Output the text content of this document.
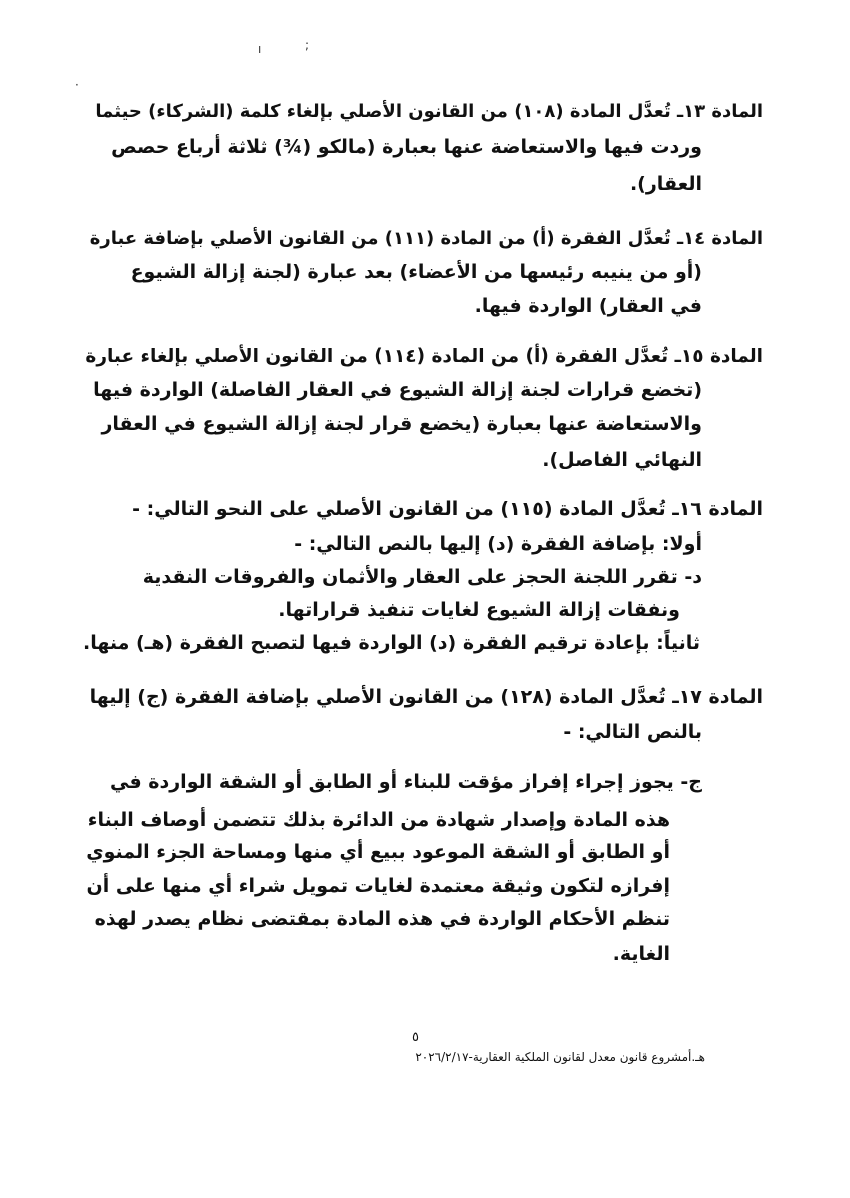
ı	;
·
المادة ١٣ـ تُعدَّل المادة (١٠٨) من القانون الأصلي بإلغاء كلمة (الشركاء) حيثما
وردت فيها والاستعاضة عنها بعبارة (مالكو (¾) ثلاثة أرباع حصص
العقار).
المادة ١٤ـ تُعدَّل الفقرة (أ) من المادة (١١١) من القانون الأصلي بإضافة عبارة
(أو من ينيبه رئيسها من الأعضاء) بعد عبارة (لجنة إزالة الشيوع
في العقار) الواردة فيها.
المادة ١٥ـ تُعدَّل الفقرة (أ) من المادة (١١٤) من القانون الأصلي بإلغاء عبارة
(تخضع قرارات لجنة إزالة الشيوع في العقار الفاصلة) الواردة فيها
والاستعاضة عنها بعبارة (يخضع قرار لجنة إزالة الشيوع في العقار
النهائي الفاصل).
المادة ١٦ـ تُعدَّل المادة (١١٥) من القانون الأصلي على النحو التالي: -
أولا: بإضافة الفقرة (د) إليها بالنص التالي: -
د- تقرر اللجنة الحجز على العقار والأثمان والفروقات النقدية
ونفقات إزالة الشيوع لغايات تنفيذ قراراتها.
ثانياً: بإعادة ترقيم الفقرة (د) الواردة فيها لتصبح الفقرة (هـ) منها.
المادة ١٧ـ تُعدَّل المادة (١٢٨) من القانون الأصلي بإضافة الفقرة (ج) إليها
بالنص التالي: -
ج- يجوز إجراء إفراز مؤقت للبناء أو الطابق أو الشقة الواردة في
هذه المادة وإصدار شهادة من الدائرة بذلك تتضمن أوصاف البناء
أو الطابق أو الشقة الموعود ببيع أي منها ومساحة الجزء المنوي
إفرازه لتكون وثيقة معتمدة لغايات تمويل شراء أي منها على أن
تنظم الأحكام الواردة في هذه المادة بمقتضى نظام يصدر لهذه
الغاية.
٥
هـ.أمشروع قانون معدل لقانون الملكية العقارية-٢٠٢٦/٢/١٧
